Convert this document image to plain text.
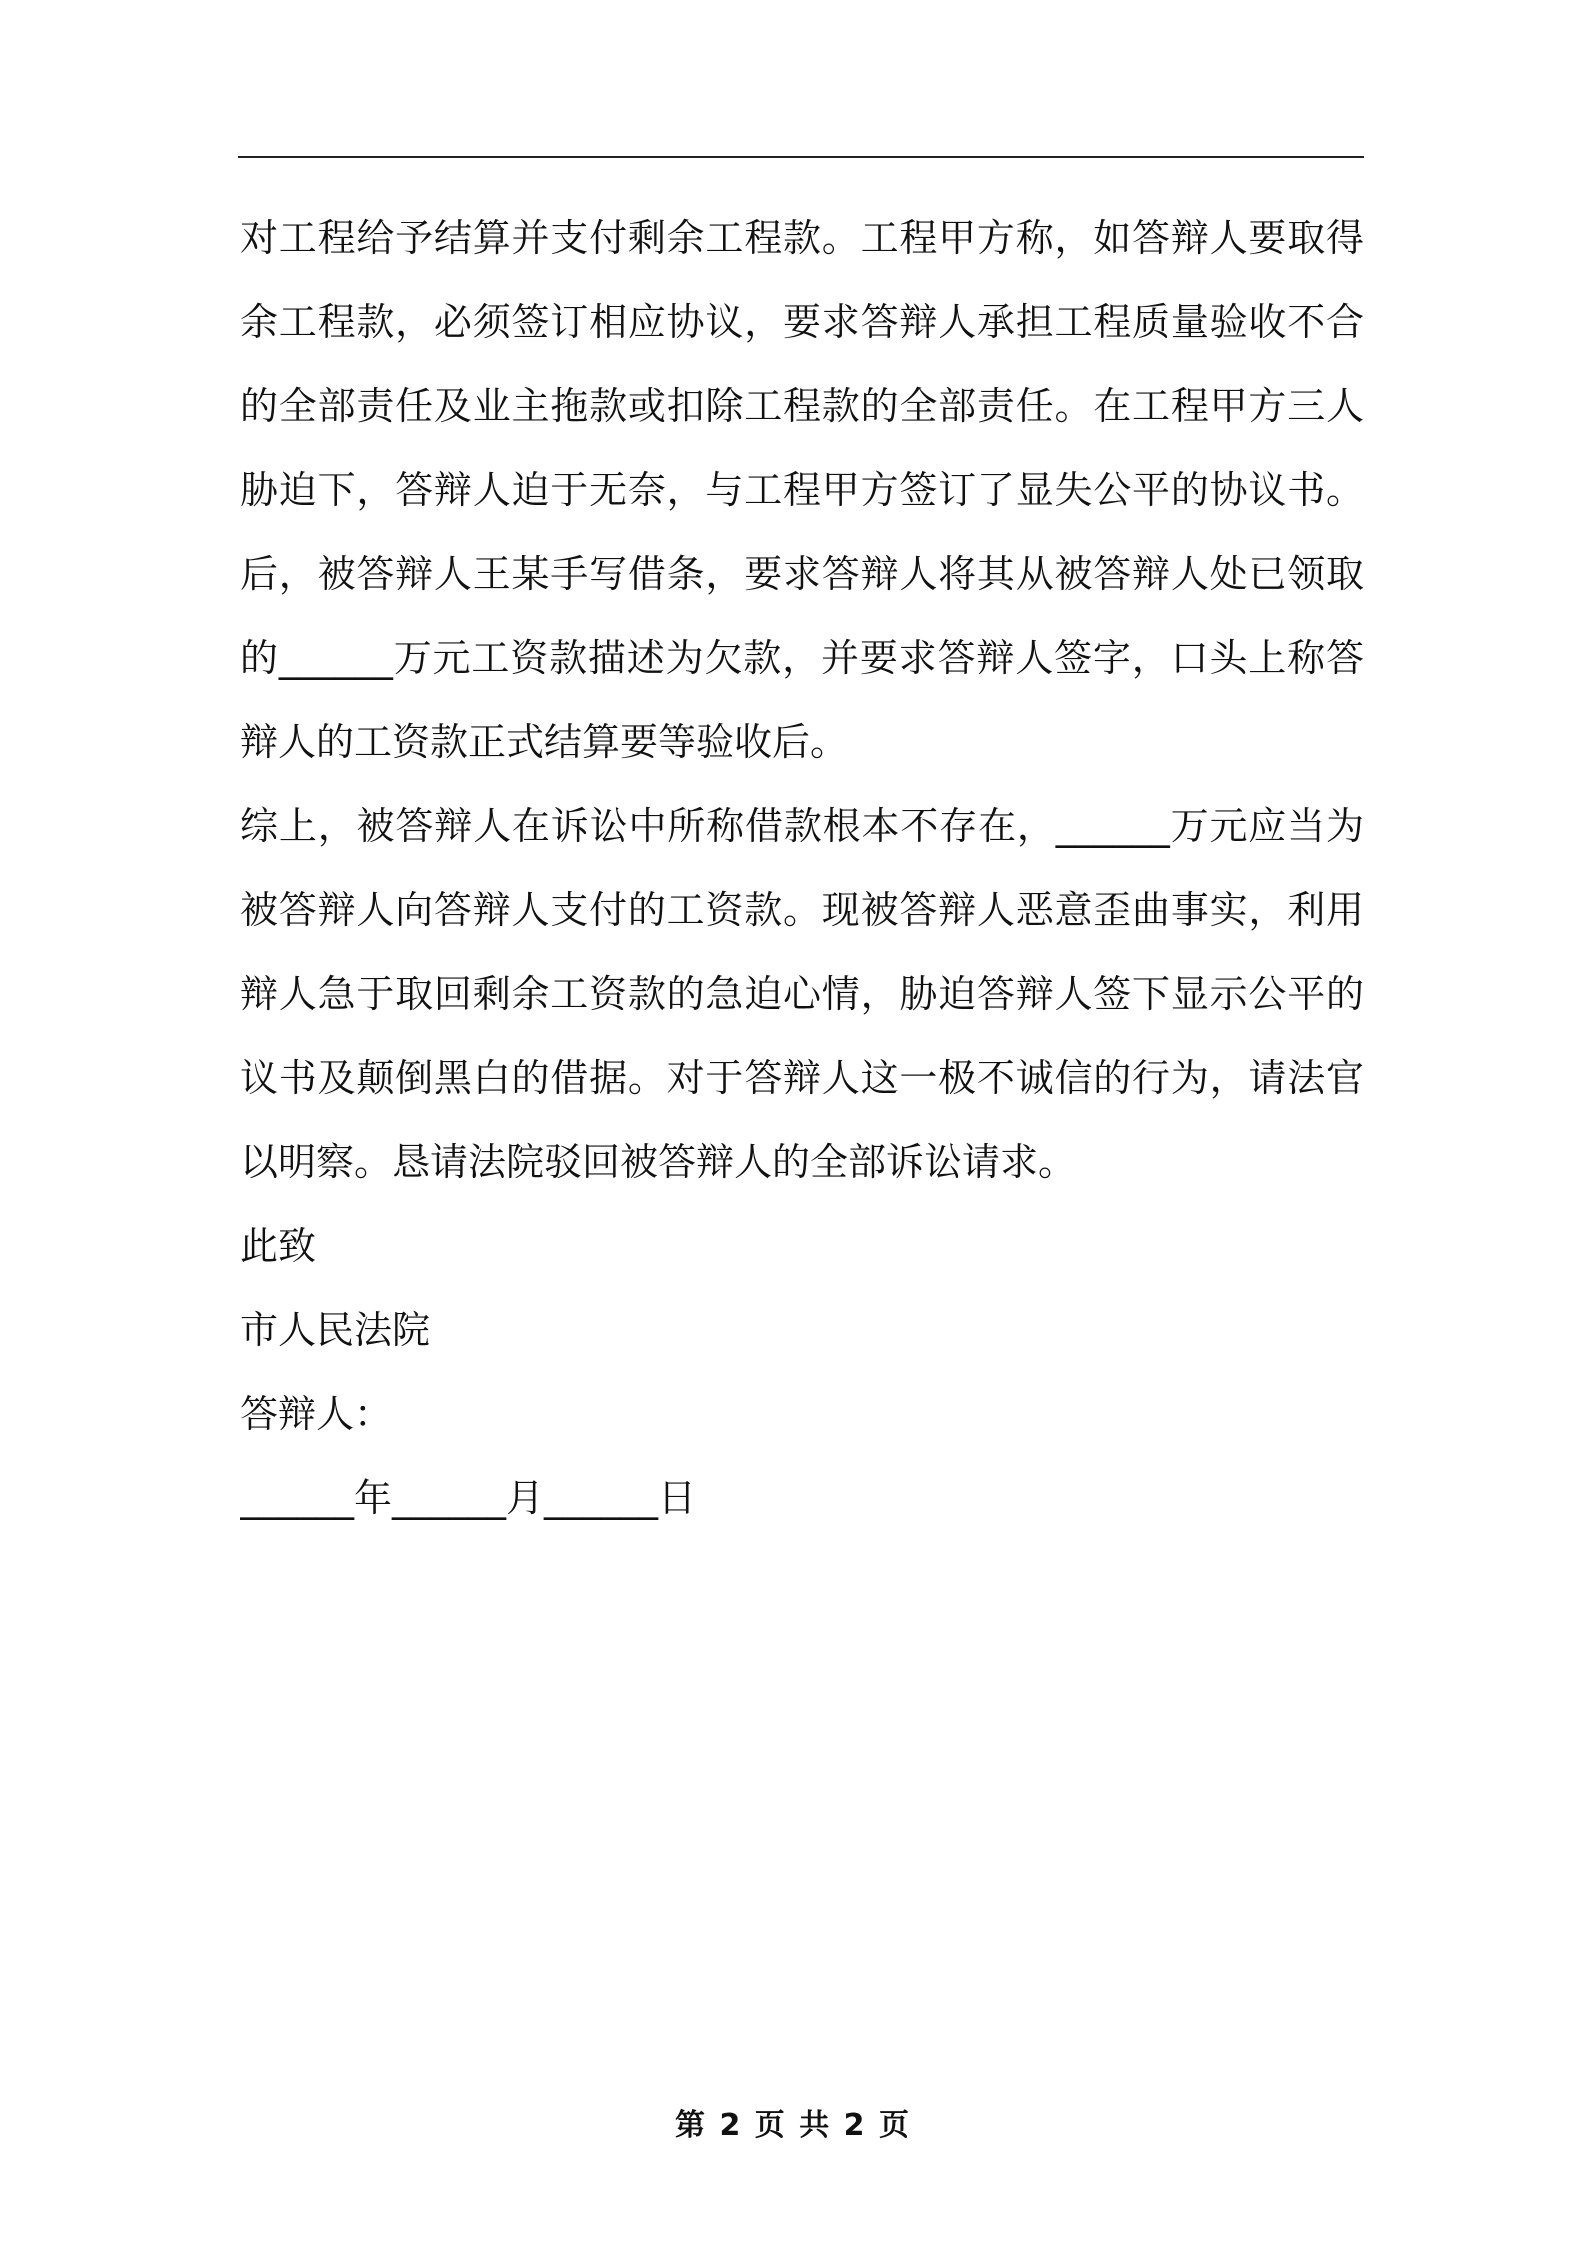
对工程给予结算并支付剩余工程款。工程甲方称，如答辩人要取得
余工程款，必须签订相应协议，要求答辩人承担工程质量验收不合
的全部责任及业主拖款或扣除工程款的全部责任。在工程甲方三人
胁迫下，答辩人迫于无奈，与工程甲方签订了显失公平的协议书。
后，被答辩人王某手写借条，要求答辩人将其从被答辩人处已领取
的______万元工资款描述为欠款，并要求答辩人签字，口头上称答
辩人的工资款正式结算要等验收后。
综上，被答辩人在诉讼中所称借款根本不存在，______万元应当为
被答辩人向答辩人支付的工资款。现被答辩人恶意歪曲事实，利用
辩人急于取回剩余工资款的急迫心情，胁迫答辩人签下显示公平的
议书及颠倒黑白的借据。对于答辩人这一极不诚信的行为，请法官
以明察。恳请法院驳回被答辩人的全部诉讼请求。
此致
市人民法院
答辩人：
______年______月______日
第 2 页 共 2 页
